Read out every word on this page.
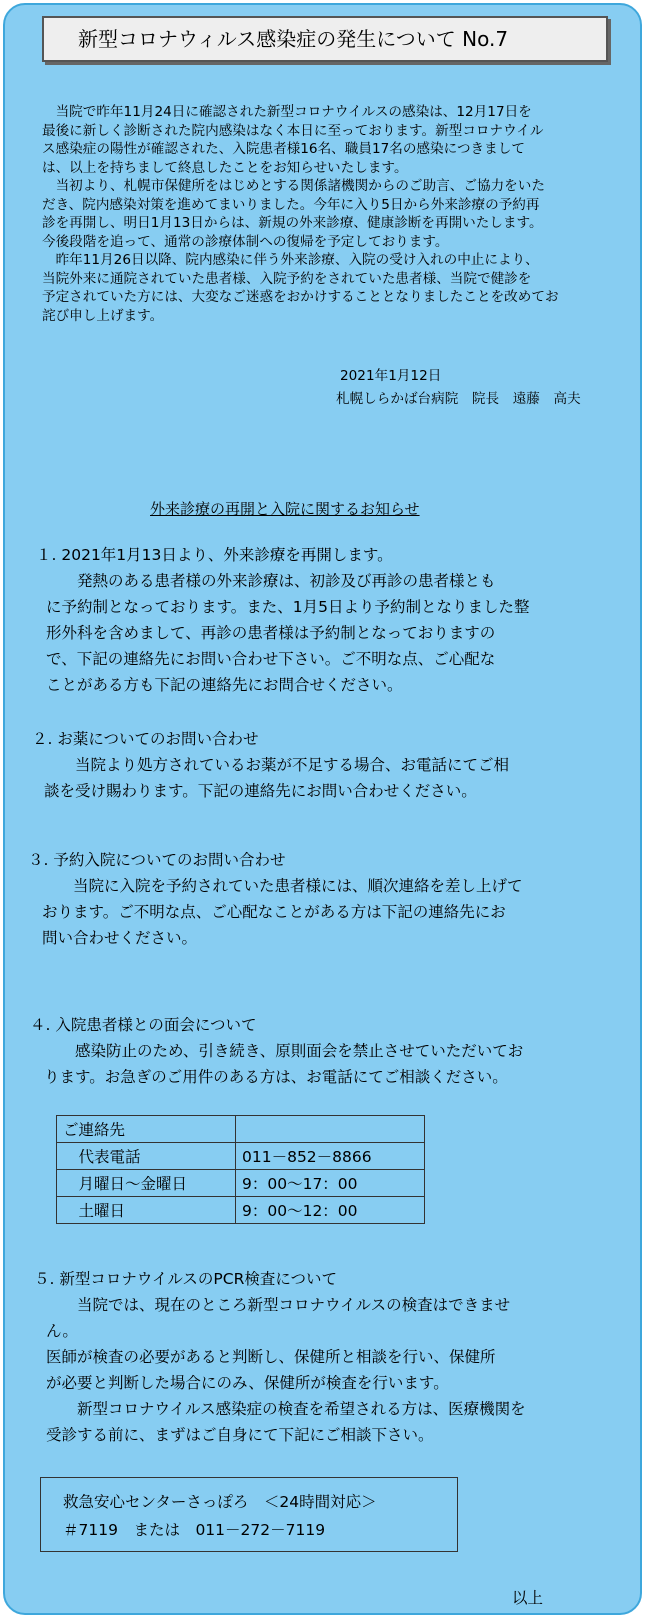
新型コロナウィルス感染症の発生について No.7
　当院で昨年11月24日に確認された新型コロナウイルスの感染は、12月17日を
最後に新しく診断された院内感染はなく本日に至っております。新型コロナウイル
ス感染症の陽性が確認された、入院患者様16名、職員17名の感染につきまして
は、以上を持ちまして終息したことをお知らせいたします。
　当初より、札幌市保健所をはじめとする関係諸機関からのご助言、ご協力をいた
だき、院内感染対策を進めてまいりました。今年に入り5日から外来診療の予約再
診を再開し、明日1月13日からは、新規の外来診療、健康診断を再開いたします。
今後段階を追って、通常の診療体制への復帰を予定しております。
　昨年11月26日以降、院内感染に伴う外来診療、入院の受け入れの中止により、
当院外来に通院されていた患者様、入院予約をされていた患者様、当院で健診を
予定されていた方には、大変なご迷惑をおかけすることとなりましたことを改めてお
詫び申し上げます。
2021年1月12日
札幌しらかば台病院　院長　遠藤　高夫
外来診療の再開と入院に関するお知らせ
１. 2021年1月13日より、外来診療を再開します。
　　発熱のある患者様の外来診療は、初診及び再診の患者様とも
に予約制となっております。また、1月5日より予約制となりました整
形外科を含めまして、再診の患者様は予約制となっておりますの
で、下記の連絡先にお問い合わせ下さい。ご不明な点、ご心配な
ことがある方も下記の連絡先にお問合せください。
２. お薬についてのお問い合わせ
　　当院より処方されているお薬が不足する場合、お電話にてご相
談を受け賜わります。下記の連絡先にお問い合わせください。
３. 予約入院についてのお問い合わせ
　　当院に入院を予約されていた患者様には、順次連絡を差し上げて
おります。ご不明な点、ご心配なことがある方は下記の連絡先にお
問い合わせください。
４. 入院患者様との面会について
　　感染防止のため、引き続き、原則面会を禁止させていただいてお
ります。お急ぎのご用件のある方は、お電話にてご相談ください。
ご連絡先	
　代表電話	011－852－8866
　月曜日～金曜日	9：00～17：00
　土曜日	9：00～12：00
５. 新型コロナウイルスのPCR検査について
　　当院では、現在のところ新型コロナウイルスの検査はできませ
ん。
医師が検査の必要があると判断し、保健所と相談を行い、保健所
が必要と判断した場合にのみ、保健所が検査を行います。
　　新型コロナウイルス感染症の検査を希望される方は、医療機関を
受診する前に、まずはご自身にて下記にご相談下さい。
救急安心センターさっぽろ　＜24時間対応＞
＃7119　または　011－272－7119
以上
